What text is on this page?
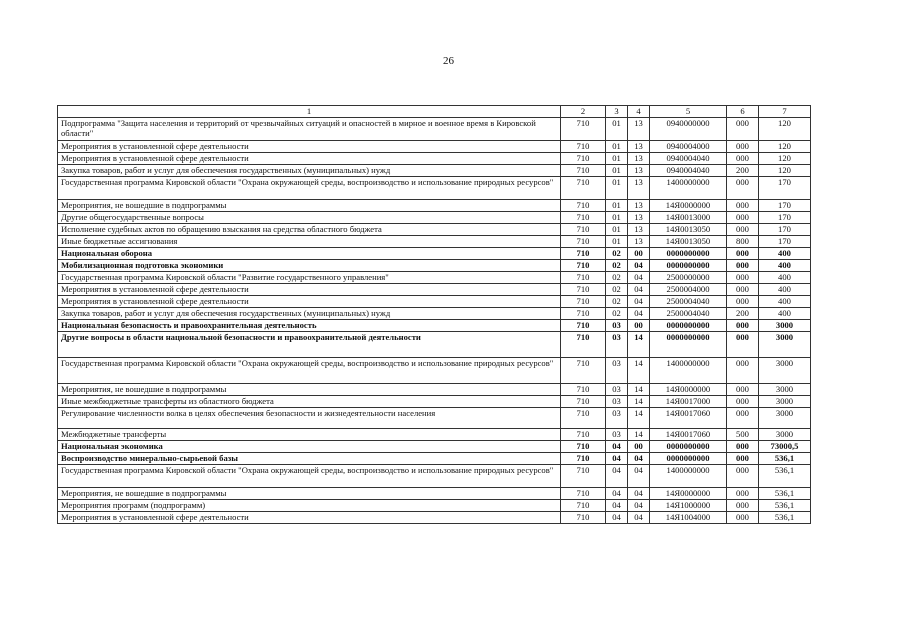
26
1	2	3	4	5	6	7
Подпрограмма "Защита населения и территорий от чрезвычайных ситуаций и опасностей в мирное и военное время в Кировской области"	710	01	13	0940000000	000	120
Мероприятия в установленной сфере деятельности	710	01	13	0940004000	000	120
Мероприятия в установленной сфере деятельности	710	01	13	0940004040	000	120
Закупка товаров, работ и услуг для обеспечения государственных (муниципальных) нужд	710	01	13	0940004040	200	120
Государственная программа Кировской области "Охрана окружающей среды, воспроизводство и использование природных ресурсов"	710	01	13	1400000000	000	170
Мероприятия, не вошедшие в подпрограммы	710	01	13	14Я0000000	000	170
Другие общегосударственные вопросы	710	01	13	14Я0013000	000	170
Исполнение судебных актов по обращению взыскания на средства областного бюджета	710	01	13	14Я0013050	000	170
Иные бюджетные ассигнования	710	01	13	14Я0013050	800	170
Национальная оборона	710	02	00	0000000000	000	400
Мобилизационная подготовка экономики	710	02	04	0000000000	000	400
Государственная программа Кировской области "Развитие государственного управления"	710	02	04	2500000000	000	400
Мероприятия в установленной сфере деятельности	710	02	04	2500004000	000	400
Мероприятия в установленной сфере деятельности	710	02	04	2500004040	000	400
Закупка товаров, работ и услуг для обеспечения государственных (муниципальных) нужд	710	02	04	2500004040	200	400
Национальная безопасность и правоохранительная деятельность	710	03	00	0000000000	000	3000
Другие вопросы в области национальной безопасности и правоохранительной деятельности	710	03	14	0000000000	000	3000
Государственная программа Кировской области "Охрана окружающей среды, воспроизводство и использование природных ресурсов"	710	03	14	1400000000	000	3000
Мероприятия, не вошедшие в подпрограммы	710	03	14	14Я0000000	000	3000
Иные межбюджетные трансферты из областного бюджета	710	03	14	14Я0017000	000	3000
Регулирование численности волка в целях обеспечения безопасности и жизнедеятельности населения	710	03	14	14Я0017060	000	3000
Межбюджетные трансферты	710	03	14	14Я0017060	500	3000
Национальная экономика	710	04	00	0000000000	000	73000,5
Воспроизводство минерально-сырьевой базы	710	04	04	0000000000	000	536,1
Государственная программа Кировской области "Охрана окружающей среды, воспроизводство и использование природных ресурсов"	710	04	04	1400000000	000	536,1
Мероприятия, не вошедшие в подпрограммы	710	04	04	14Я0000000	000	536,1
Мероприятия программ (подпрограмм)	710	04	04	14Я1000000	000	536,1
Мероприятия в установленной сфере деятельности	710	04	04	14Я1004000	000	536,1
